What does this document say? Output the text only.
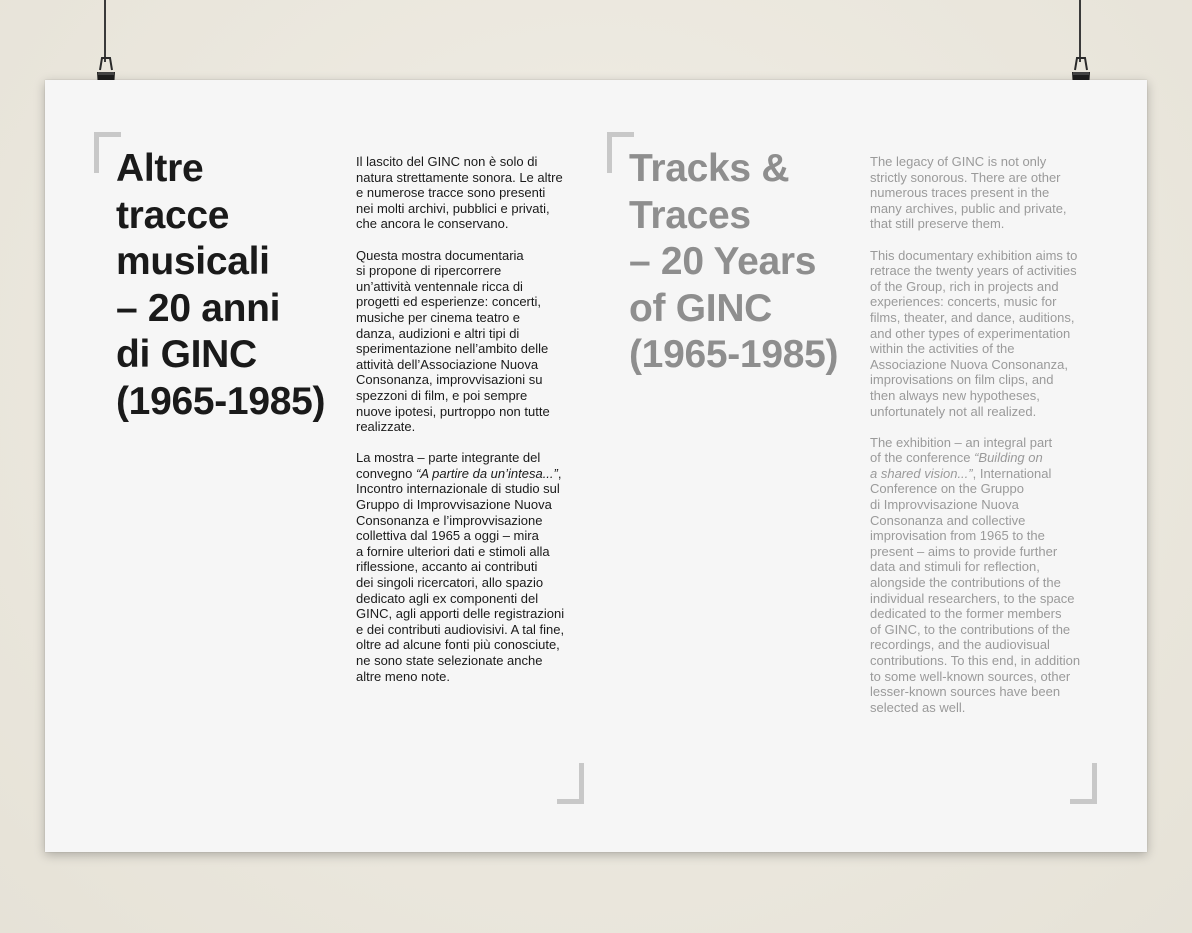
Altre
tracce
musicali
– 20 anni
di GINC
(1965-1985)

Il lascito del GINC non è solo di
natura strettamente sonora. Le altre
e numerose tracce sono presenti
nei molti archivi, pubblici e privati,
che ancora le conservano.

Questa mostra documentaria
si propone di ripercorrere
un’attività ventennale ricca di
progetti ed esperienze: concerti,
musiche per cinema teatro e
danza, audizioni e altri tipi di
sperimentazione nell’ambito delle
attività dell’Associazione Nuova
Consonanza, improvvisazioni su
spezzoni di film, e poi sempre
nuove ipotesi, purtroppo non tutte
realizzate.

La mostra – parte integrante del
convegno “A partire da un’intesa...”,
Incontro internazionale di studio sul
Gruppo di Improvvisazione Nuova
Consonanza e l’improvvisazione
collettiva dal 1965 a oggi – mira
a fornire ulteriori dati e stimoli alla
riflessione, accanto ai contributi
dei singoli ricercatori, allo spazio
dedicato agli ex componenti del
GINC, agli apporti delle registrazioni
e dei contributi audiovisivi. A tal fine,
oltre ad alcune fonti più conosciute,
ne sono state selezionate anche
altre meno note.

Tracks &
Traces
– 20 Years
of GINC
(1965-1985)

The legacy of GINC is not only
strictly sonorous. There are other
numerous traces present in the
many archives, public and private,
that still preserve them.

This documentary exhibition aims to
retrace the twenty years of activities
of the Group, rich in projects and
experiences: concerts, music for
films, theater, and dance, auditions,
and other types of experimentation
within the activities of the
Associazione Nuova Consonanza,
improvisations on film clips, and
then always new hypotheses,
unfortunately not all realized.

The exhibition – an integral part
of the conference “Building on
a shared vision...”, International
Conference on the Gruppo
di Improvvisazione Nuova
Consonanza and collective
improvisation from 1965 to the
present – aims to provide further
data and stimuli for reflection,
alongside the contributions of the
individual researchers, to the space
dedicated to the former members
of GINC, to the contributions of the
recordings, and the audiovisual
contributions. To this end, in addition
to some well-known sources, other
lesser-known sources have been
selected as well.
